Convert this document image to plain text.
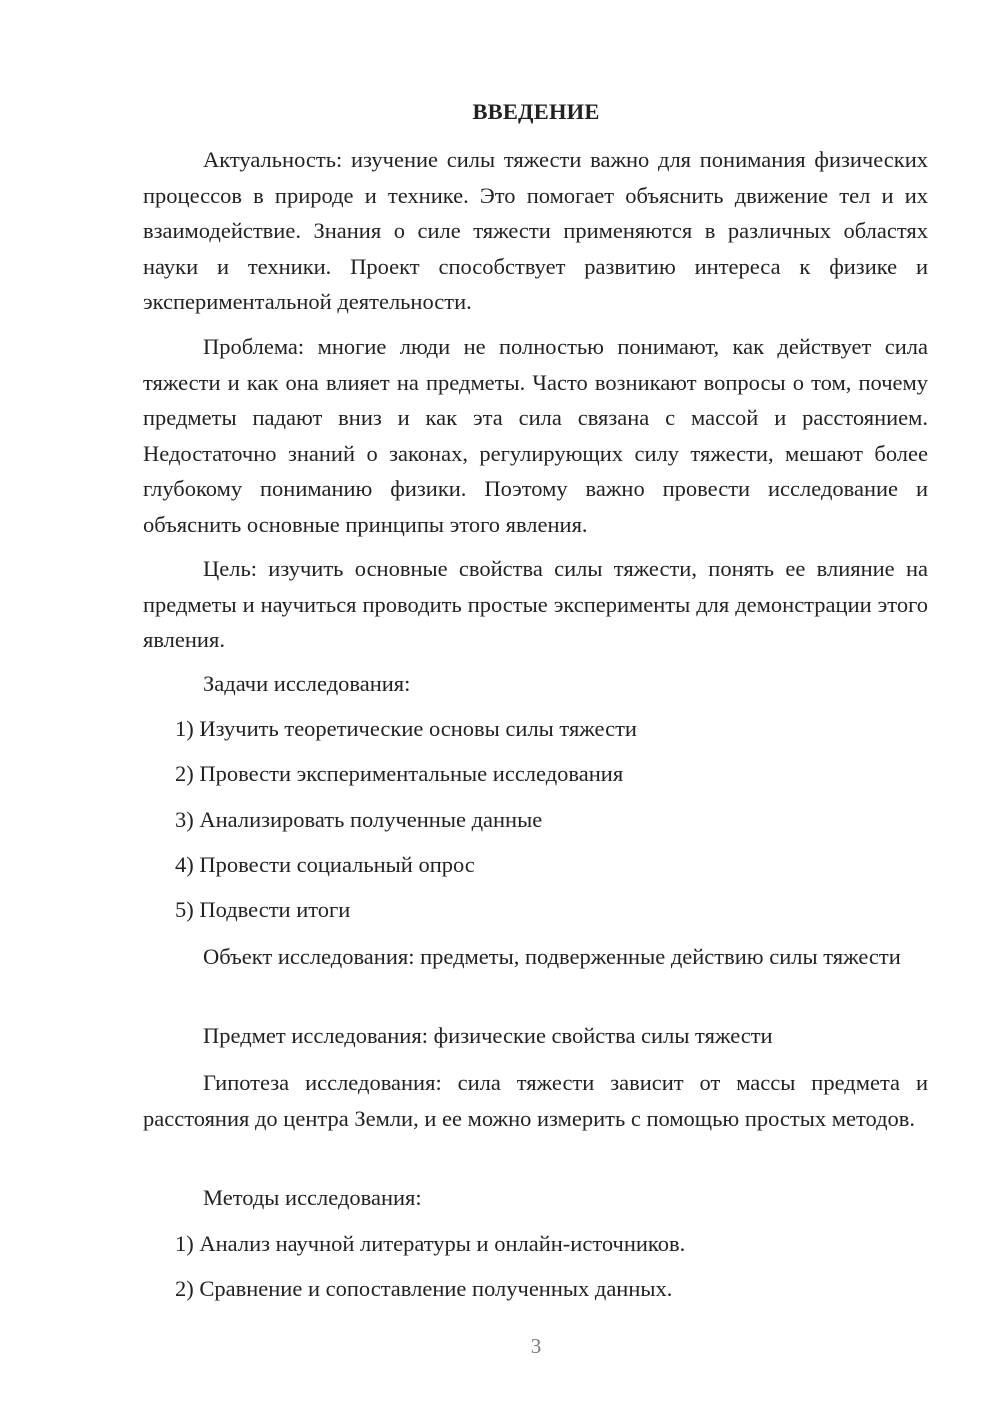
ВВЕДЕНИЕ

Актуальность: изучение силы тяжести важно для понимания физических процессов в природе и технике. Это помогает объяснить движение тел и их взаимодействие. Знания о силе тяжести применяются в различных областях науки и техники. Проект способствует развитию интереса к физике и экспериментальной деятельности.

Проблема: многие люди не полностью понимают, как действует сила тяжести и как она влияет на предметы. Часто возникают вопросы о том, почему предметы падают вниз и как эта сила связана с массой и расстоянием. Недостаточно знаний о законах, регулирующих силу тяжести, мешают более глубокому пониманию физики. Поэтому важно провести исследование и объяснить основные принципы этого явления.

Цель: изучить основные свойства силы тяжести, понять ее влияние на предметы и научиться проводить простые эксперименты для демонстрации этого явления.

Задачи исследования:
1) Изучить теоретические основы силы тяжести
2) Провести экспериментальные исследования
3) Анализировать полученные данные
4) Провести социальный опрос
5) Подвести итоги

Объект исследования: предметы, подверженные действию силы тяжести

Предмет исследования: физические свойства силы тяжести

Гипотеза исследования: сила тяжести зависит от массы предмета и расстояния до центра Земли, и ее можно измерить с помощью простых методов.

Методы исследования:
1) Анализ научной литературы и онлайн-источников.
2) Сравнение и сопоставление полученных данных.
3
